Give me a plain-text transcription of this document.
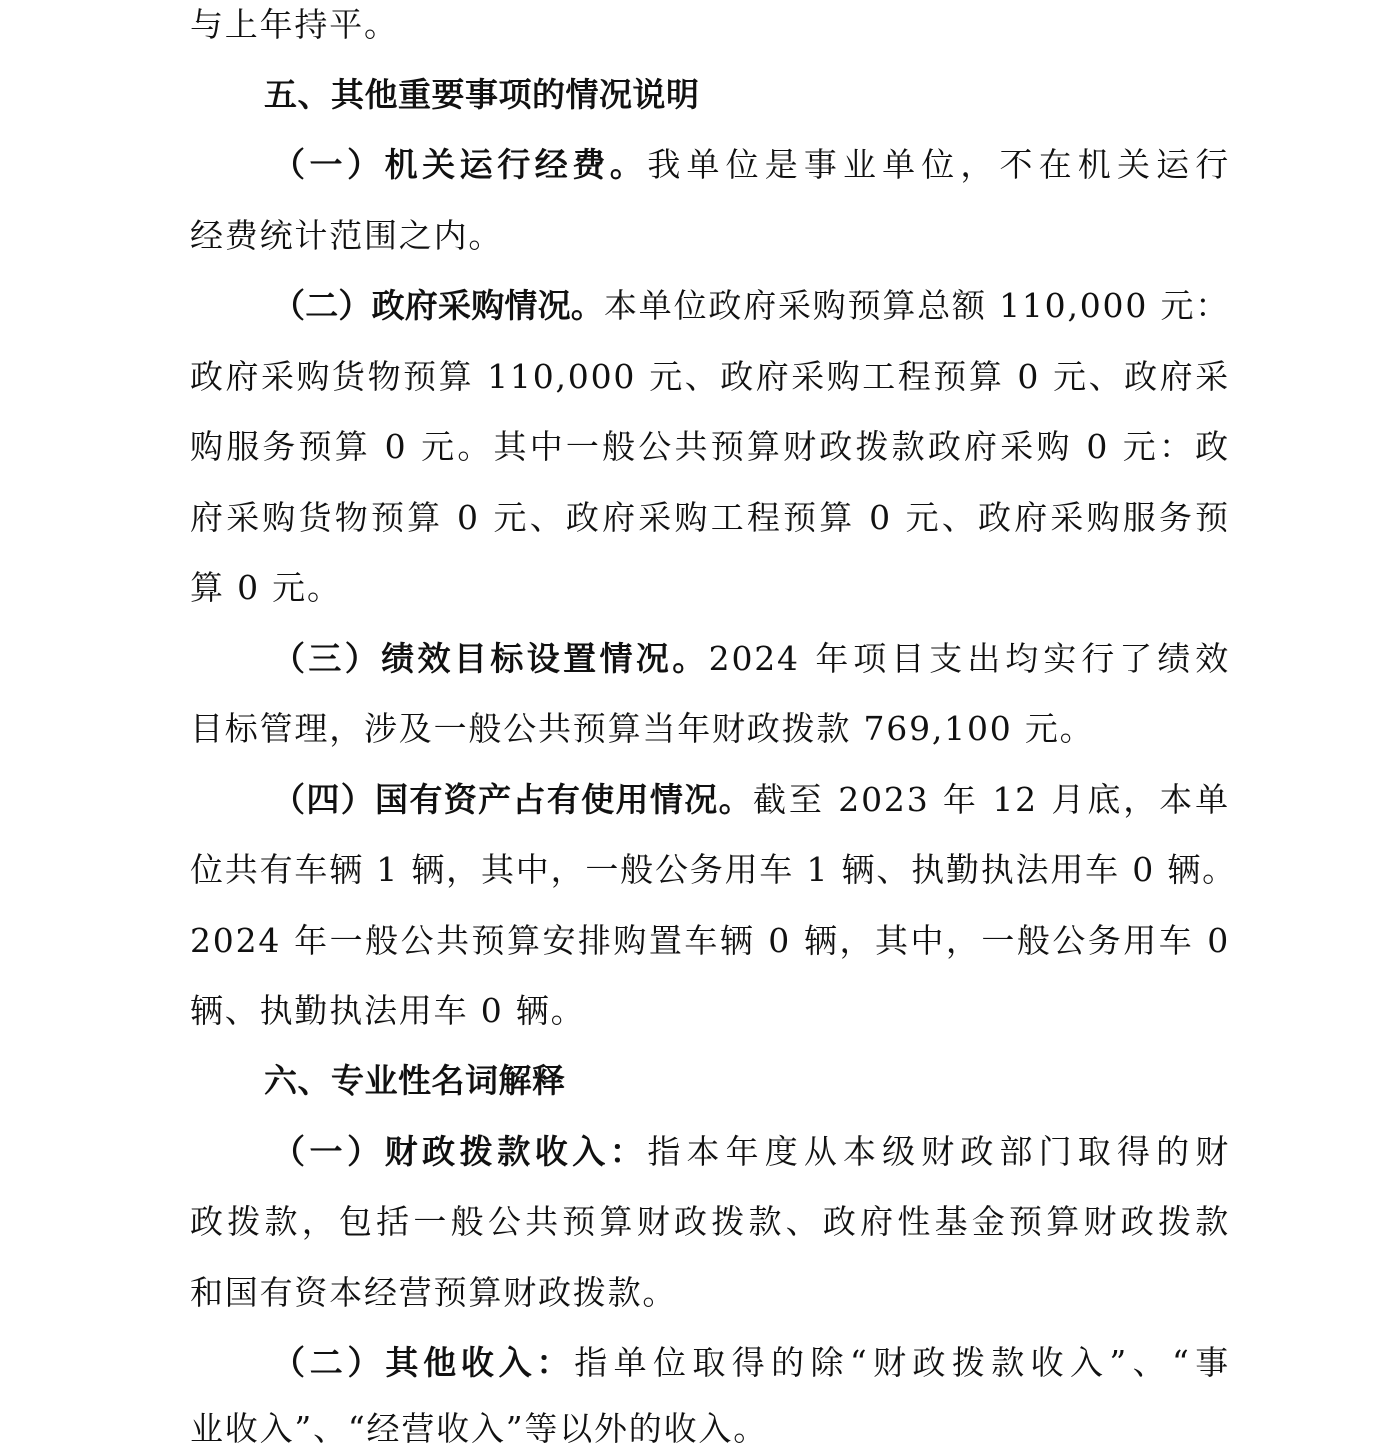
与上年持平。
五、其他重要事项的情况说明
（一）机关运行经费。我单位是事业单位，不在机关运行
经费统计范围之内。
（二）政府采购情况。本单位政府采购预算总额 110,000 元：
政府采购货物预算 110,000 元、政府采购工程预算 0 元、政府采
购服务预算 0 元。其中一般公共预算财政拨款政府采购 0 元：政
府采购货物预算 0 元、政府采购工程预算 0 元、政府采购服务预
算 0 元。
（三）绩效目标设置情况。2024 年项目支出均实行了绩效
目标管理，涉及一般公共预算当年财政拨款 769,100 元。
（四）国有资产占有使用情况。截至 2023 年 12 月底，本单
位共有车辆 1 辆，其中，一般公务用车 1 辆、执勤执法用车 0 辆。
2024 年一般公共预算安排购置车辆 0 辆，其中，一般公务用车 0
辆、执勤执法用车 0 辆。
六、专业性名词解释
（一）财政拨款收入：指本年度从本级财政部门取得的财
政拨款，包括一般公共预算财政拨款、政府性基金预算财政拨款
和国有资本经营预算财政拨款。
（二）其他收入：指单位取得的除“财政拨款收入”、“事
业收入”、“经营收入”等以外的收入。
